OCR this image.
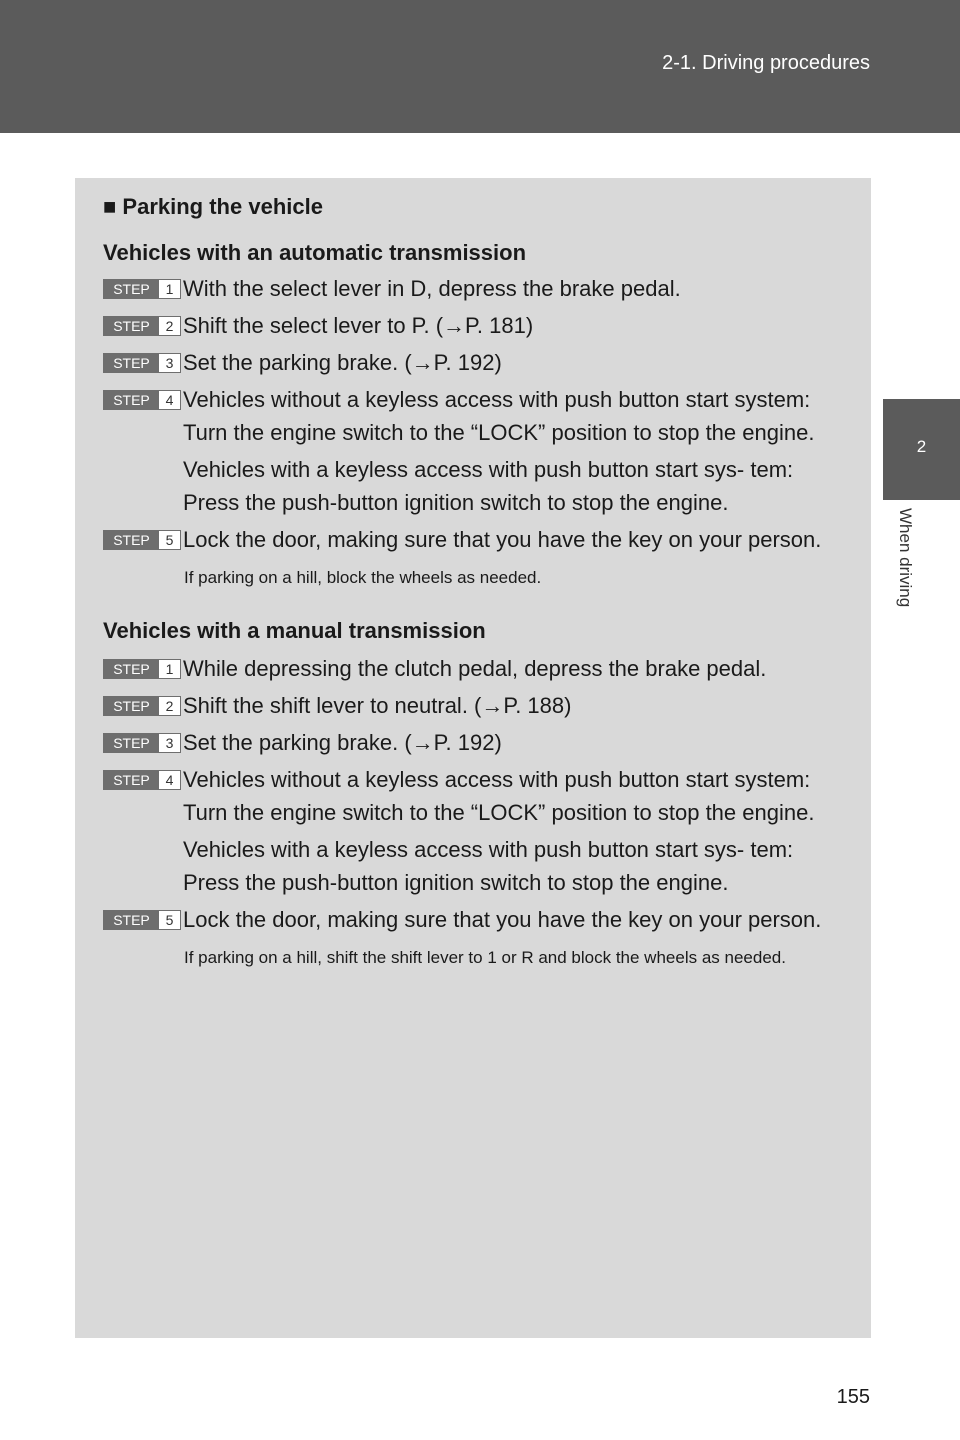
2-1. Driving procedures
2
When driving

■ Parking the vehicle

Vehicles with an automatic transmission

STEP	1 With the select lever in D, depress the brake pedal.

STEP	2 Shift the select lever to P. (→P. 181)

STEP	3 Set the parking brake. (→P. 192)

STEP	4 Vehicles without a keyless access with push button start system:

Turn the engine switch to the “LOCK” position to stop the engine.

Vehicles with a keyless access with push button start sys- tem:

Press the push-button ignition switch to stop the engine.

STEP	5 Lock the door, making sure that you have the key on your person.

If parking on a hill, block the wheels as needed.

Vehicles with a manual transmission

STEP	1 While depressing the clutch pedal, depress the brake pedal.

STEP	2 Shift the shift lever to neutral. (→P. 188)

STEP	3 Set the parking brake. (→P. 192)

STEP	4 Vehicles without a keyless access with push button start system:

Turn the engine switch to the “LOCK” position to stop the engine.

Vehicles with a keyless access with push button start sys- tem:

Press the push-button ignition switch to stop the engine.

STEP	5 Lock the door, making sure that you have the key on your person.

If parking on a hill, shift the shift lever to 1 or R and block the wheels as needed.

155
